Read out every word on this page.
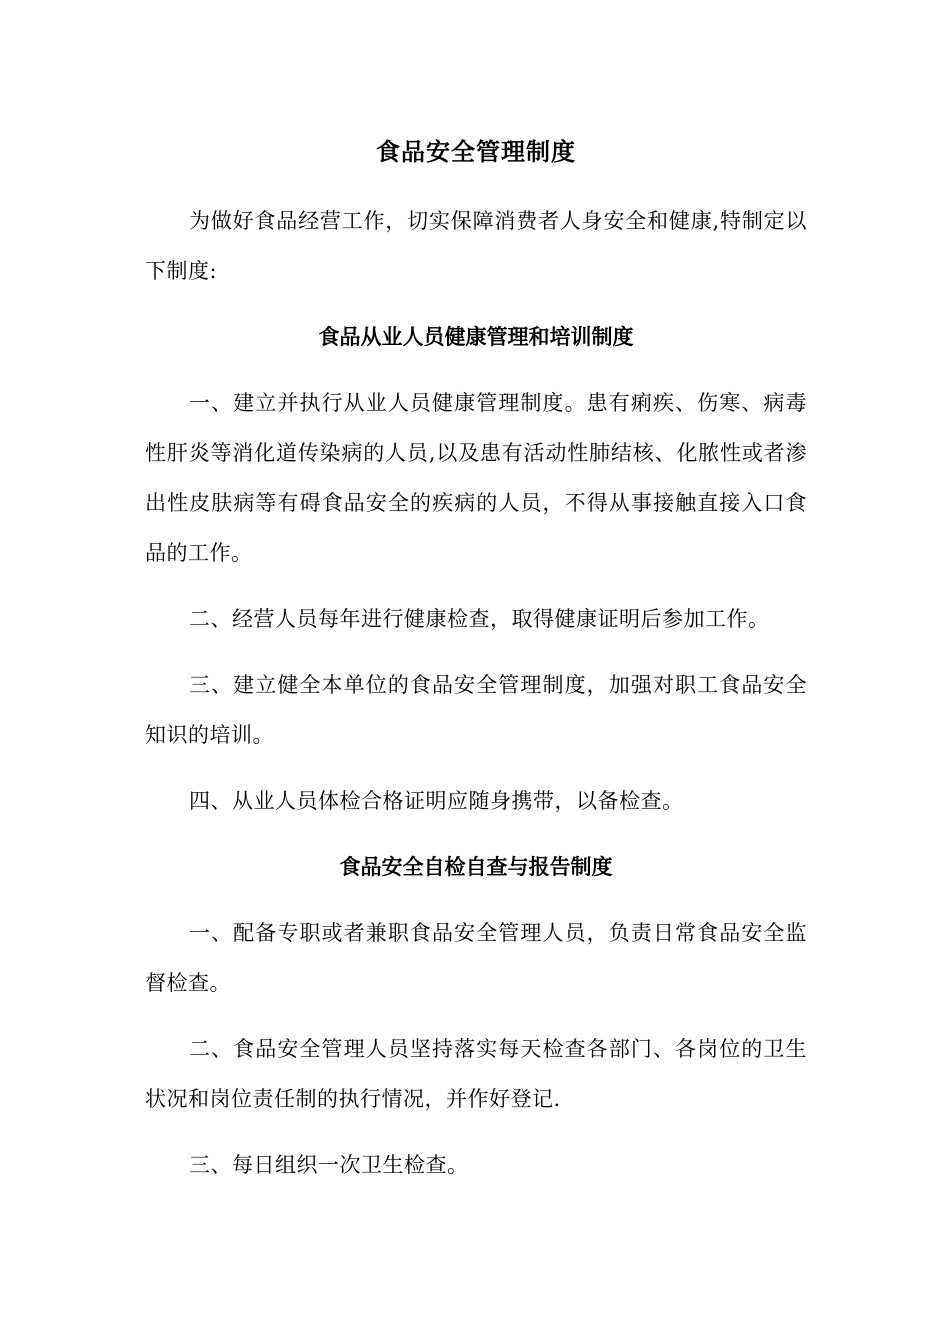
食品安全管理制度

为做好食品经营工作，切实保障消费者人身安全和健康,特制定以下制度:

食品从业人员健康管理和培训制度

一、建立并执行从业人员健康管理制度。患有痢疾、伤寒、病毒性肝炎等消化道传染病的人员,以及患有活动性肺结核、化脓性或者渗出性皮肤病等有碍食品安全的疾病的人员，不得从事接触直接入口食品的工作。

二、经营人员每年进行健康检查，取得健康证明后参加工作。

三、建立健全本单位的食品安全管理制度，加强对职工食品安全知识的培训。

四、从业人员体检合格证明应随身携带，以备检查。

食品安全自检自查与报告制度

一、配备专职或者兼职食品安全管理人员，负责日常食品安全监督检查。

二、食品安全管理人员坚持落实每天检查各部门、各岗位的卫生状况和岗位责任制的执行情况，并作好登记.

三、每日组织一次卫生检查。
